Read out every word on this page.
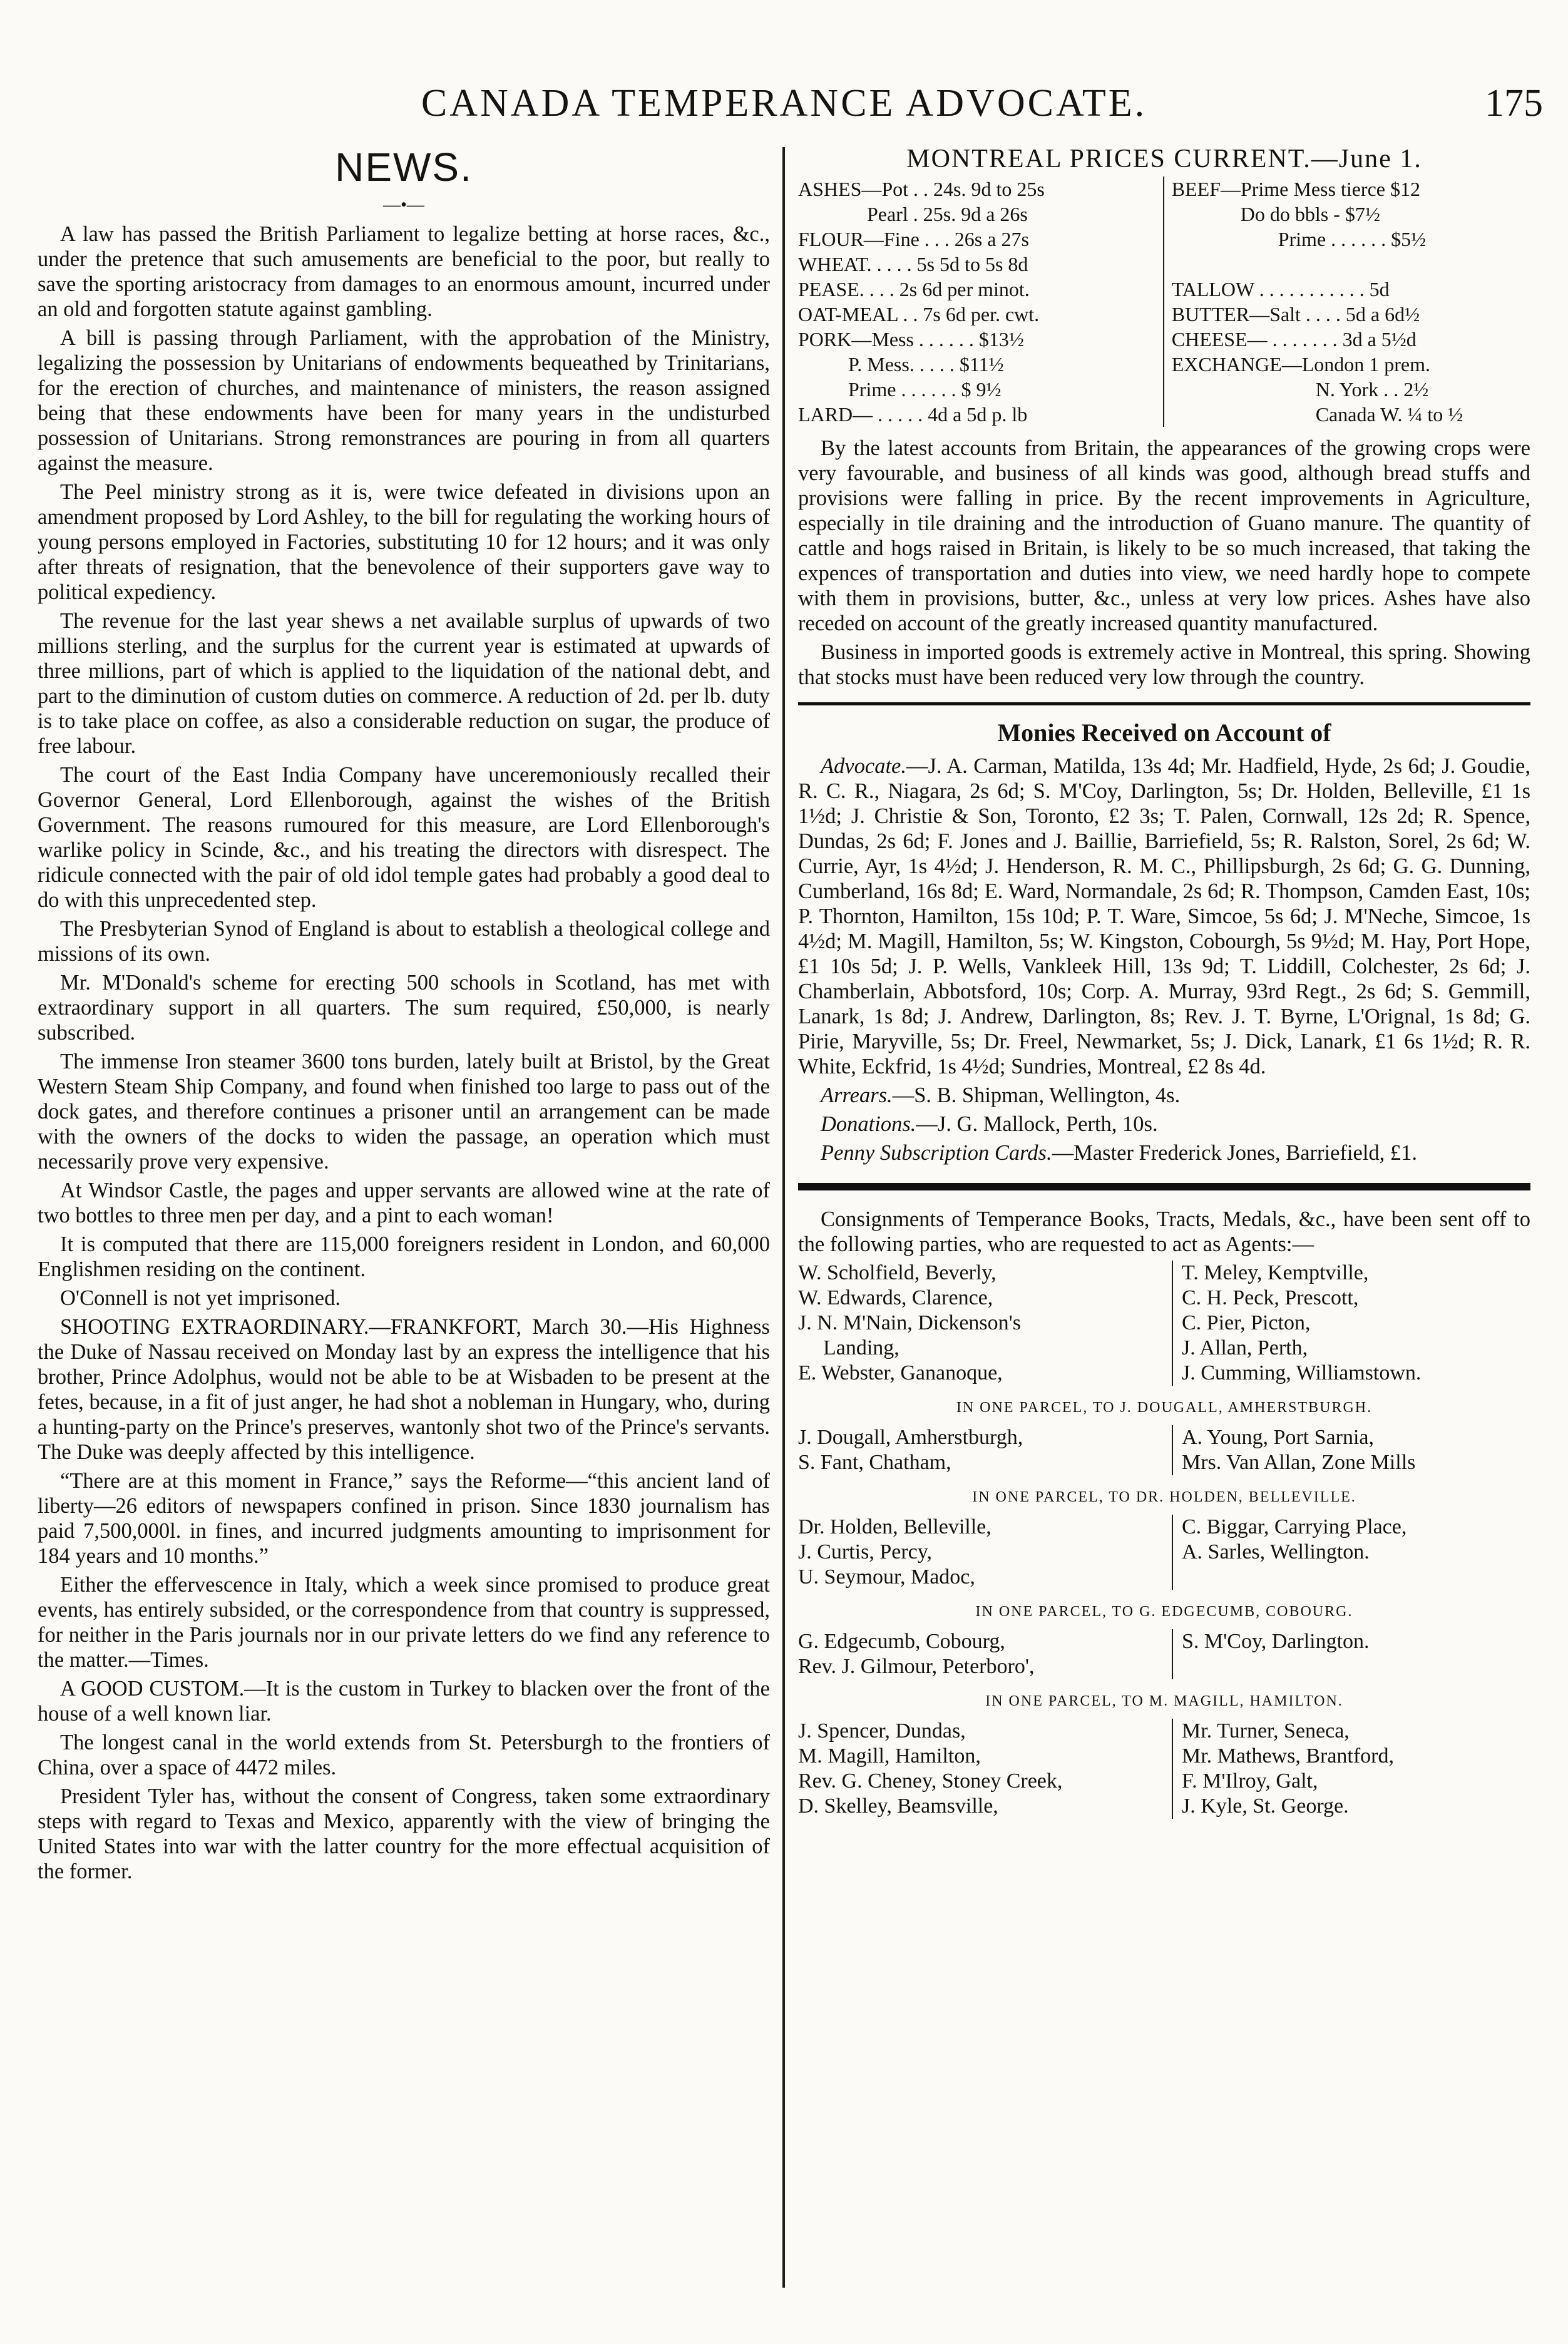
CANADA TEMPERANCE ADVOCATE.	175
NEWS.
—•—

A law has passed the British Parliament to legalize betting at horse races, &c., under the pretence that such amusements are beneficial to the poor, but really to save the sporting aristocracy from damages to an enormous amount, incurred under an old and forgotten statute against gambling.

A bill is passing through Parliament, with the approbation of the Ministry, legalizing the possession by Unitarians of endowments bequeathed by Trinitarians, for the erection of churches, and maintenance of ministers, the reason assigned being that these endowments have been for many years in the undisturbed possession of Unitarians. Strong remonstrances are pouring in from all quarters against the measure.

The Peel ministry strong as it is, were twice defeated in divisions upon an amendment proposed by Lord Ashley, to the bill for regulating the working hours of young persons employed in Factories, substituting 10 for 12 hours; and it was only after threats of resignation, that the benevolence of their supporters gave way to political expediency.

The revenue for the last year shews a net available surplus of upwards of two millions sterling, and the surplus for the current year is estimated at upwards of three millions, part of which is applied to the liquidation of the national debt, and part to the diminution of custom duties on commerce. A reduction of 2d. per lb. duty is to take place on coffee, as also a considerable reduction on sugar, the produce of free labour.

The court of the East India Company have unceremoniously recalled their Governor General, Lord Ellenborough, against the wishes of the British Government. The reasons rumoured for this measure, are Lord Ellenborough's warlike policy in Scinde, &c., and his treating the directors with disrespect. The ridicule connected with the pair of old idol temple gates had probably a good deal to do with this unprecedented step.

The Presbyterian Synod of England is about to establish a theological college and missions of its own.

Mr. M'Donald's scheme for erecting 500 schools in Scotland, has met with extraordinary support in all quarters. The sum required, £50,000, is nearly subscribed.

The immense Iron steamer 3600 tons burden, lately built at Bristol, by the Great Western Steam Ship Company, and found when finished too large to pass out of the dock gates, and therefore continues a prisoner until an arrangement can be made with the owners of the docks to widen the passage, an operation which must necessarily prove very expensive.

At Windsor Castle, the pages and upper servants are allowed wine at the rate of two bottles to three men per day, and a pint to each woman!

It is computed that there are 115,000 foreigners resident in London, and 60,000 Englishmen residing on the continent.

O'Connell is not yet imprisoned.

SHOOTING EXTRAORDINARY.—FRANKFORT, March 30.—His Highness the Duke of Nassau received on Monday last by an express the intelligence that his brother, Prince Adolphus, would not be able to be at Wisbaden to be present at the fetes, because, in a fit of just anger, he had shot a nobleman in Hungary, who, during a hunting-party on the Prince's preserves, wantonly shot two of the Prince's servants. The Duke was deeply affected by this intelligence.

“There are at this moment in France,” says the Reforme—“this ancient land of liberty—26 editors of newspapers confined in prison. Since 1830 journalism has paid 7,500,000l. in fines, and incurred judgments amounting to imprisonment for 184 years and 10 months.”

Either the effervescence in Italy, which a week since promised to produce great events, has entirely subsided, or the correspondence from that country is suppressed, for neither in the Paris journals nor in our private letters do we find any reference to the matter.—Times.

A GOOD CUSTOM.—It is the custom in Turkey to blacken over the front of the house of a well known liar.

The longest canal in the world extends from St. Petersburgh to the frontiers of China, over a space of 4472 miles.

President Tyler has, without the consent of Congress, taken some extraordinary steps with regard to Texas and Mexico, apparently with the view of bringing the United States into war with the latter country for the more effectual acquisition of the former.

MONTREAL PRICES CURRENT.—June 1.
ASHES—Pot . . 24s. 9d to 25s
Pearl . 25s. 9d a 26s
FLOUR—Fine . . . 26s a 27s
WHEAT. . . . . 5s 5d to 5s 8d
PEASE. . . . 2s 6d per minot.
OAT-MEAL . . 7s 6d per. cwt.
PORK—Mess . . . . . . $13½
P. Mess. . . . . $11½
Prime . . . . . . $ 9½
LARD— . . . . . 4d a 5d p. lb
BEEF—Prime Mess tierce $12
Do do bbls - $7½
Prime . . . . . . $5½

TALLOW . . . . . . . . . . . 5d
BUTTER—Salt . . . . 5d a 6d½
CHEESE— . . . . . . . 3d a 5½d
EXCHANGE—London 1 prem.
N. York . . 2½
Canada W. ¼ to ½

By the latest accounts from Britain, the appearances of the growing crops were very favourable, and business of all kinds was good, although bread stuffs and provisions were falling in price. By the recent improvements in Agriculture, especially in tile draining and the introduction of Guano manure. The quantity of cattle and hogs raised in Britain, is likely to be so much increased, that taking the expences of transportation and duties into view, we need hardly hope to compete with them in provisions, butter, &c., unless at very low prices. Ashes have also receded on account of the greatly increased quantity manufactured.

Business in imported goods is extremely active in Montreal, this spring. Showing that stocks must have been reduced very low through the country.

Monies Received on Account of

Advocate.—J. A. Carman, Matilda, 13s 4d; Mr. Hadfield, Hyde, 2s 6d; J. Goudie, R. C. R., Niagara, 2s 6d; S. M'Coy, Darlington, 5s; Dr. Holden, Belleville, £1 1s 1½d; J. Christie & Son, Toronto, £2 3s; T. Palen, Cornwall, 12s 2d; R. Spence, Dundas, 2s 6d; F. Jones and J. Baillie, Barriefield, 5s; R. Ralston, Sorel, 2s 6d; W. Currie, Ayr, 1s 4½d; J. Henderson, R. M. C., Phillipsburgh, 2s 6d; G. G. Dunning, Cumberland, 16s 8d; E. Ward, Normandale, 2s 6d; R. Thompson, Camden East, 10s; P. Thornton, Hamilton, 15s 10d; P. T. Ware, Simcoe, 5s 6d; J. M'Neche, Simcoe, 1s 4½d; M. Magill, Hamilton, 5s; W. Kingston, Cobourgh, 5s 9½d; M. Hay, Port Hope, £1 10s 5d; J. P. Wells, Vankleek Hill, 13s 9d; T. Liddill, Colchester, 2s 6d; J. Chamberlain, Abbotsford, 10s; Corp. A. Murray, 93rd Regt., 2s 6d; S. Gemmill, Lanark, 1s 8d; J. Andrew, Darlington, 8s; Rev. J. T. Byrne, L'Orignal, 1s 8d; G. Pirie, Maryville, 5s; Dr. Freel, Newmarket, 5s; J. Dick, Lanark, £1 6s 1½d; R. R. White, Eckfrid, 1s 4½d; Sundries, Montreal, £2 8s 4d.

Arrears.—S. B. Shipman, Wellington, 4s.

Donations.—J. G. Mallock, Perth, 10s.

Penny Subscription Cards.—Master Frederick Jones, Barriefield, £1.

Consignments of Temperance Books, Tracts, Medals, &c., have been sent off to the following parties, who are requested to act as Agents:—

W. Scholfield, Beverly,	T. Meley, Kemptville,
W. Edwards, Clarence,	C. H. Peck, Prescott,
J. N. M'Nain, Dickenson's	C. Pier, Picton,
Landing,	J. Allan, Perth,
E. Webster, Gananoque,	J. Cumming, Williamstown.
IN ONE PARCEL, TO J. DOUGALL, AMHERSTBURGH.
J. Dougall, Amherstburgh,	A. Young, Port Sarnia,
S. Fant, Chatham,	Mrs. Van Allan, Zone Mills
IN ONE PARCEL, TO DR. HOLDEN, BELLEVILLE.
Dr. Holden, Belleville,	C. Biggar, Carrying Place,
J. Curtis, Percy,	A. Sarles, Wellington.
U. Seymour, Madoc,

IN ONE PARCEL, TO G. EDGECUMB, COBOURG.
G. Edgecumb, Cobourg,	S. M'Coy, Darlington.
Rev. J. Gilmour, Peterboro',

IN ONE PARCEL, TO M. MAGILL, HAMILTON.
J. Spencer, Dundas,	Mr. Turner, Seneca,
M. Magill, Hamilton,	Mr. Mathews, Brantford,
Rev. G. Cheney, Stoney Creek,	F. M'Ilroy, Galt,
D. Skelley, Beamsville,	J. Kyle, St. George.
